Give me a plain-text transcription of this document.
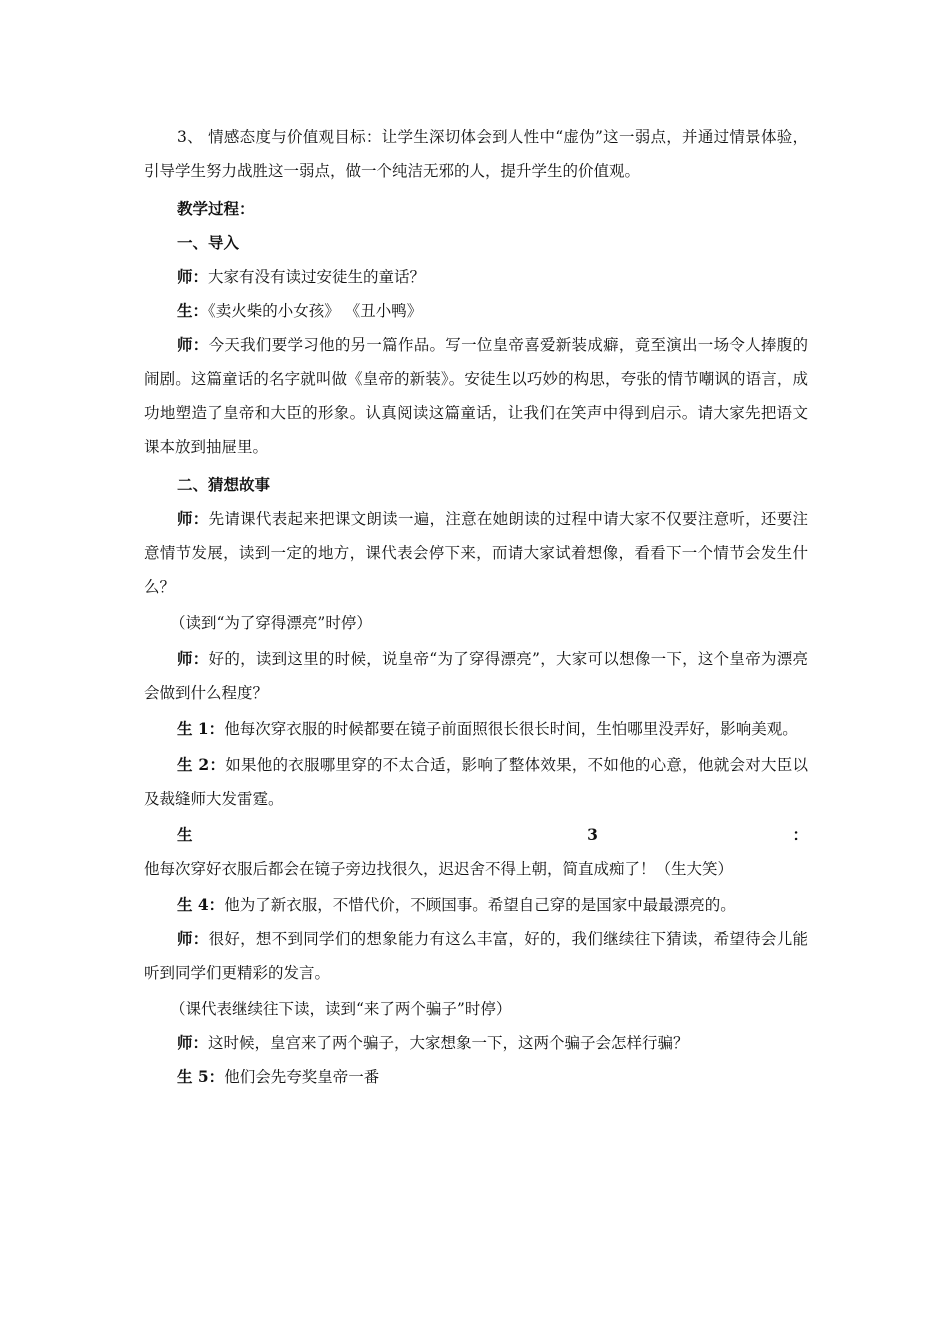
3、 情感态度与价值观目标：让学生深切体会到人性中“虚伪”这一弱点，并通过情景体验，引导学生努力战胜这一弱点，做一个纯洁无邪的人，提升学生的价值观。

教学过程：

一、导入

师：大家有没有读过安徒生的童话？

生：《卖火柴的小女孩》 《丑小鸭》

师：今天我们要学习他的另一篇作品。写一位皇帝喜爱新装成癖，竟至演出一场令人捧腹的闹剧。这篇童话的名字就叫做《皇帝的新装》。安徒生以巧妙的构思，夸张的情节嘲讽的语言，成功地塑造了皇帝和大臣的形象。认真阅读这篇童话，让我们在笑声中得到启示。请大家先把语文课本放到抽屉里。

二、猜想故事

师：先请课代表起来把课文朗读一遍，注意在她朗读的过程中请大家不仅要注意听，还要注意情节发展，读到一定的地方，课代表会停下来，而请大家试着想像，看看下一个情节会发生什么？

（读到“为了穿得漂亮”时停）

师：好的，读到这里的时候，说皇帝“为了穿得漂亮”，大家可以想像一下，这个皇帝为漂亮会做到什么程度？

生 1：他每次穿衣服的时候都要在镜子前面照很长很长时间，生怕哪里没弄好，影响美观。

生 2：如果他的衣服哪里穿的不太合适，影响了整体效果，不如他的心意，他就会对大臣以及裁缝师大发雷霆。

生 3：他每次穿好衣服后都会在镜子旁边找很久，迟迟舍不得上朝，简直成痴了！（生大笑）

生 4：他为了新衣服，不惜代价，不顾国事。希望自己穿的是国家中最最漂亮的。

师：很好，想不到同学们的想象能力有这么丰富，好的，我们继续往下猜读，希望待会儿能听到同学们更精彩的发言。

（课代表继续往下读，读到“来了两个骗子”时停）

师：这时候，皇宫来了两个骗子，大家想象一下，这两个骗子会怎样行骗？

生 5：他们会先夸奖皇帝一番
